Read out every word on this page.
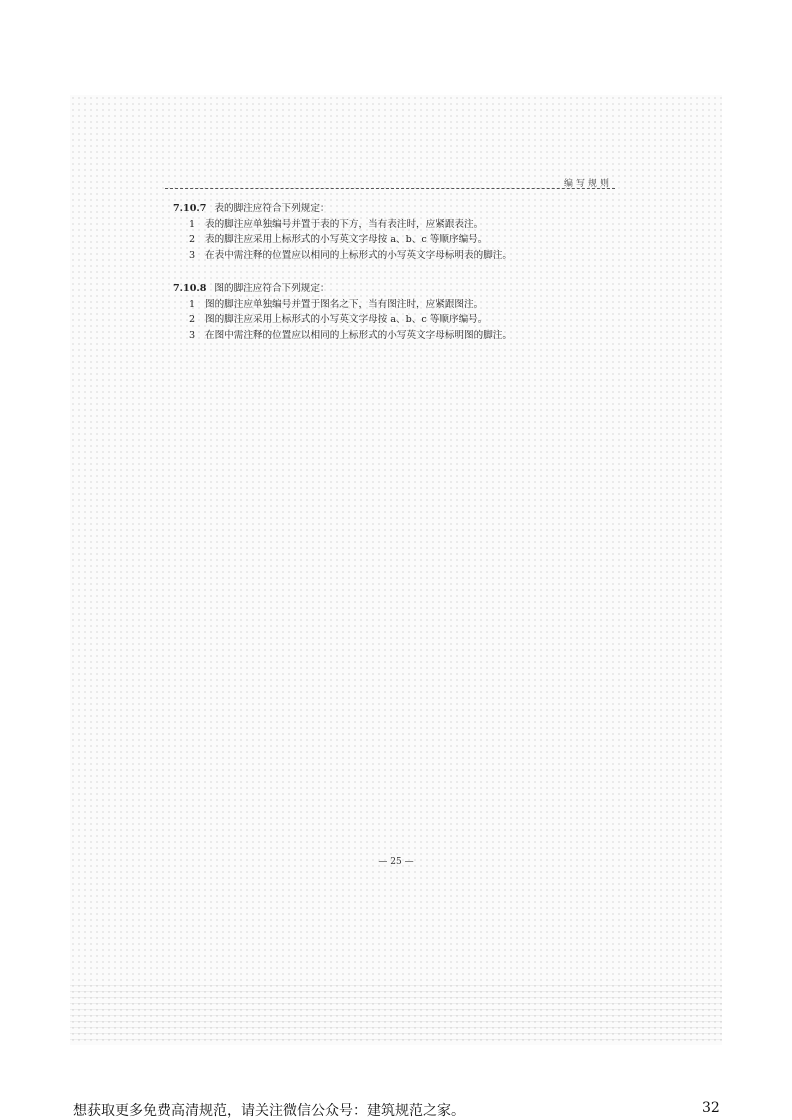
编写规则

7.10.7 表的脚注应符合下列规定：

1 表的脚注应单独编号并置于表的下方，当有表注时，应紧跟表注。

2 表的脚注应采用上标形式的小写英文字母按 a、b、c 等顺序编号。

3 在表中需注释的位置应以相同的上标形式的小写英文字母标明表的脚注。

7.10.8 图的脚注应符合下列规定：

1 图的脚注应单独编号并置于图名之下，当有图注时，应紧跟图注。

2 图的脚注应采用上标形式的小写英文字母按 a、b、c 等顺序编号。

3 在图中需注释的位置应以相同的上标形式的小写英文字母标明图的脚注。

— 25 —
想获取更多免费高清规范，请关注微信公众号：建筑规范之家。	32
